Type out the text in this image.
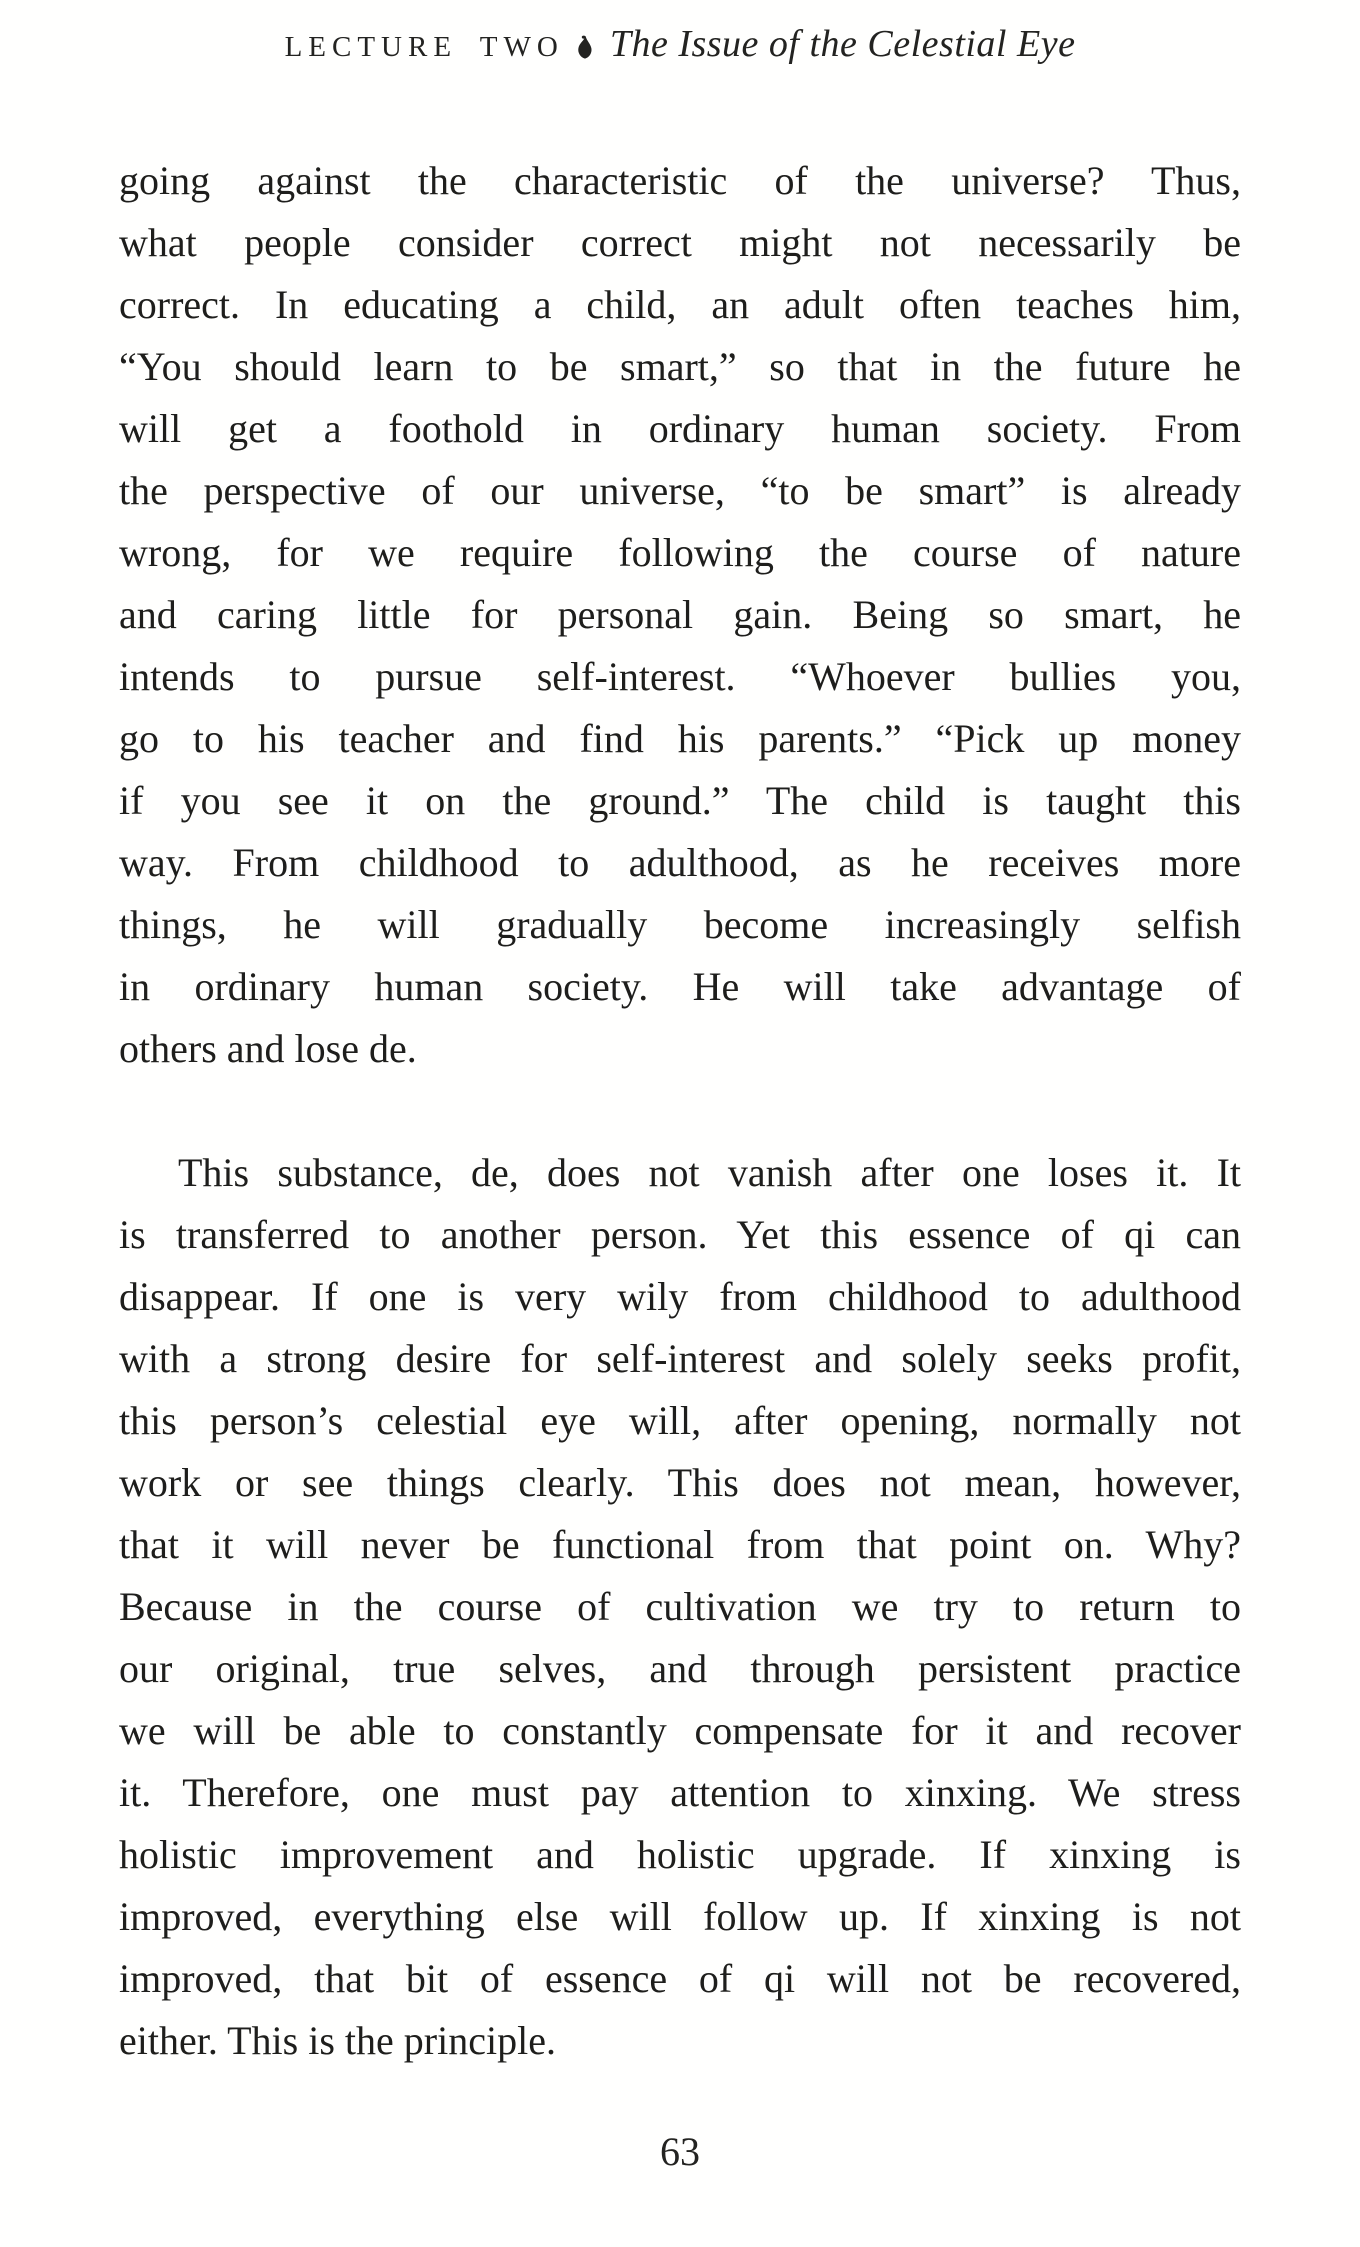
LECTURE TWO The Issue of the Celestial Eye
going against the characteristic of the universe? Thus,
what people consider correct might not necessarily be
correct. In educating a child, an adult often teaches him,
“You should learn to be smart,” so that in the future he
will get a foothold in ordinary human society. From
the perspective of our universe, “to be smart” is already
wrong, for we require following the course of nature
and caring little for personal gain. Being so smart, he
intends to pursue self-interest. “Whoever bullies you,
go to his teacher and find his parents.” “Pick up money
if you see it on the ground.” The child is taught this
way. From childhood to adulthood, as he receives more
things, he will gradually become increasingly selfish
in ordinary human society. He will take advantage of
others and lose de.
This substance, de, does not vanish after one loses it. It
is transferred to another person. Yet this essence of qi can
disappear. If one is very wily from childhood to adulthood
with a strong desire for self-interest and solely seeks profit,
this person’s celestial eye will, after opening, normally not
work or see things clearly. This does not mean, however,
that it will never be functional from that point on. Why?
Because in the course of cultivation we try to return to
our original, true selves, and through persistent practice
we will be able to constantly compensate for it and recover
it. Therefore, one must pay attention to xinxing. We stress
holistic improvement and holistic upgrade. If xinxing is
improved, everything else will follow up. If xinxing is not
improved, that bit of essence of qi will not be recovered,
either. This is the principle.
63
